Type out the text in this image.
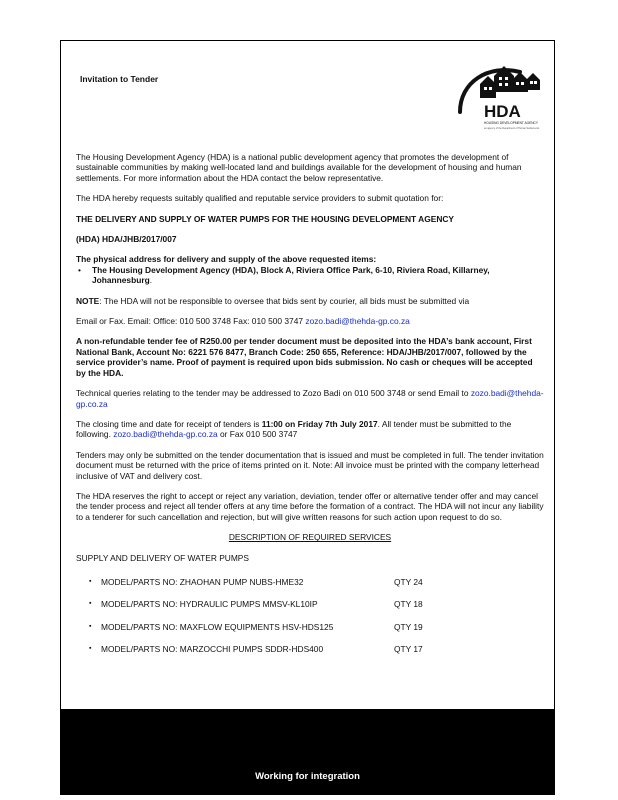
Invitation to Tender
HDA
HOUSING DEVELOPMENT AGENCY
an agency of the Department of Human Settlements

The Housing Development Agency (HDA) is a national public development agency that promotes the development of sustainable communities by making well-located land and buildings available for the development of housing and human settlements. For more information about the HDA contact the below representative.

The HDA hereby requests suitably qualified and reputable service providers to submit quotation for:

THE DELIVERY AND SUPPLY OF WATER PUMPS FOR THE HOUSING DEVELOPMENT AGENCY

(HDA) HDA/JHB/2017/007

The physical address for delivery and supply of the above requested items:

• The Housing Development Agency (HDA), Block A, Riviera Office Park, 6-10, Riviera Road, Killarney, Johannesburg.

NOTE: The HDA will not be responsible to oversee that bids sent by courier, all bids must be submitted via

Email or Fax. Email: Office: 010 500 3748 Fax: 010 500 3747 zozo.badi@thehda-gp.co.za

A non-refundable tender fee of R250.00 per tender document must be deposited into the HDA’s bank account, First National Bank, Account No: 6221 576 8477, Branch Code: 250 655, Reference: HDA/JHB/2017/007, followed by the service provider’s name. Proof of payment is required upon bids submission. No cash or cheques will be accepted by the HDA.

Technical queries relating to the tender may be addressed to Zozo Badi on 010 500 3748 or send Email to zozo.badi@thehda-gp.co.za

The closing time and date for receipt of tenders is 11:00 on Friday 7th July 2017. All tender must be submitted to the following. zozo.badi@thehda-gp.co.za or Fax 010 500 3747

Tenders may only be submitted on the tender documentation that is issued and must be completed in full. The tender invitation document must be returned with the price of items printed on it. Note: All invoice must be printed with the company letterhead inclusive of VAT and delivery cost.

The HDA reserves the right to accept or reject any variation, deviation, tender offer or alternative tender offer and may cancel the tender process and reject all tender offers at any time before the formation of a contract. The HDA will not incur any liability to a tenderer for such cancellation and rejection, but will give written reasons for such action upon request to do so.

DESCRIPTION OF REQUIRED SERVICES

SUPPLY AND DELIVERY OF WATER PUMPS

▪ MODEL/PARTS NO: ZHAOHAN PUMP NUBS-HME32	QTY 24
▪ MODEL/PARTS NO: HYDRAULIC PUMPS MMSV-KL10IP	QTY 18
▪ MODEL/PARTS NO: MAXFLOW EQUIPMENTS HSV-HDS125	QTY 19
▪ MODEL/PARTS NO: MARZOCCHI PUMPS SDDR-HDS400	QTY 17
Working for integration
